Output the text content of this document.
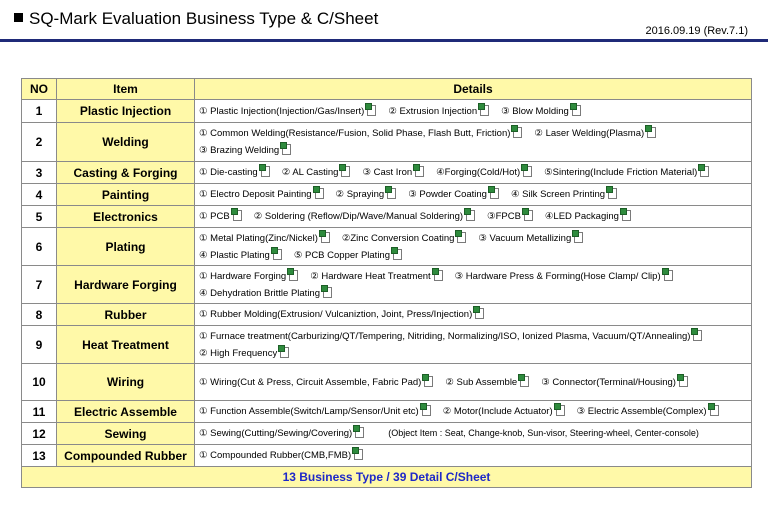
SQ-Mark Evaluation Business Type & C/Sheet
2016.09.19 (Rev.7.1)
NO	Item	Details
1	Plastic Injection	① Plastic Injection(Injection/Gas/Insert) ② Extrusion Injection ③ Blow Molding

2	Welding	① Common Welding(Resistance/Fusion, Solid Phase, Flash Butt, Friction) ② Laser Welding(Plasma)
③ Brazing Welding

3	Casting & Forging	① Die-casting ② AL Casting ③ Cast Iron ④Forging(Cold/Hot) ⑤Sintering(Include Friction Material)

4	Painting	① Electro Deposit Painting ② Spraying ③ Powder Coating ④ Silk Screen Printing

5	Electronics	① PCB ② Soldering (Reflow/Dip/Wave/Manual Soldering) ③FPCB ④LED Packaging

6	Plating	① Metal Plating(Zinc/Nickel) ②Zinc Conversion Coating ③ Vacuum Metallizing
④ Plastic Plating ⑤ PCB Copper Plating

7	Hardware Forging	① Hardware Forging ② Hardware Heat Treatment ③ Hardware Press & Forming(Hose Clamp/ Clip)
④ Dehydration Brittle Plating

8	Rubber	① Rubber Molding(Extrusion/ Vulcaniztion, Joint, Press/Injection)

9	Heat Treatment	① Furnace treatment(Carburizing/QT/Tempering, Nitriding, Normalizing/ISO, Ionized Plasma, Vacuum/QT/Annealing)
② High Frequency

10	Wiring	① Wiring(Cut & Press, Circuit Assemble, Fabric Pad) ② Sub Assemble ③ Connector(Terminal/Housing)

11	Electric Assemble	① Function Assemble(Switch/Lamp/Sensor/Unit etc) ② Motor(Include Actuator) ③ Electric Assemble(Complex)

12	Sewing	① Sewing(Cutting/Sewing/Covering) (Object Item : Seat, Change-knob, Sun-visor, Steering-wheel, Center-console)

13	Compounded Rubber	① Compounded Rubber(CMB,FMB)

13 Business Type / 39 Detail C/Sheet		
